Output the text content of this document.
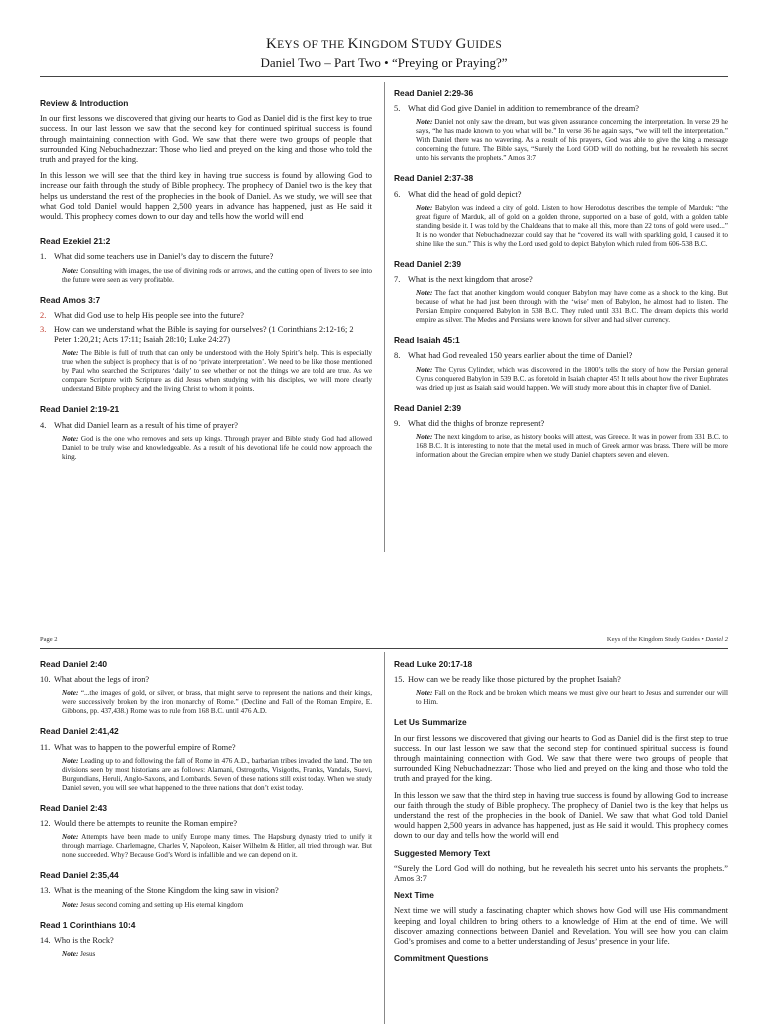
KEYS OF THE KINGDOM STUDY GUIDES
Daniel Two – Part Two • “Preying or Praying?”
Review & Introduction

In our first lessons we discovered that giving our hearts to God as Daniel did is the first key to true success. In our last lesson we saw that the second key for continued spiritual success is found through maintaining connection with God. We saw that there were two groups of people that surrounded King Nebuchadnezzar: Those who lied and preyed on the king and those who told the truth and prayed for the king.

In this lesson we will see that the third key in having true success is found by allowing God to increase our faith through the study of Bible prophecy. The prophecy of Daniel two is the key that helps us understand the rest of the prophecies in the book of Daniel. As we study, we will see that what God told Daniel would happen 2,500 years in advance has happened, just as He said it would. This prophecy comes down to our day and tells how the world will end

Read Ezekiel 21:2
1. What did some teachers use in Daniel’s day to discern the future?
Note: Consulting with images, the use of divining rods or arrows, and the cutting open of livers to see into the future were seen as very profitable.
Read Amos 3:7
2. What did God use to help His people see into the future?
3. How can we understand what the Bible is saying for ourselves? (1 Corinthians 2:12-16; 2 Peter 1:20,21; Acts 17:11; Isaiah 28:10; Luke 24:27)
Note: The Bible is full of truth that can only be understood with the Holy Spirit’s help. This is especially true when the subject is prophecy that is of no ‘private interpretation’. We need to be like those mentioned by Paul who searched the Scriptures ‘daily’ to see whether or not the things we are told are true. As we compare Scripture with Scripture as did Jesus when studying with his disciples, we will more clearly understand Bible prophecy and the living Christ to whom it points.
Read Daniel 2:19-21
4. What did Daniel learn as a result of his time of prayer?
Note: God is the one who removes and sets up kings. Through prayer and Bible study God had allowed Daniel to be truly wise and knowledgeable. As a result of his devotional life he could now approach the king.
Read Daniel 2:29-36
5. What did God give Daniel in addition to remembrance of the dream?
Note: Daniel not only saw the dream, but was given assurance concerning the interpretation. In verse 29 he says, “he has made known to you what will be.” In verse 36 he again says, “we will tell the interpretation.” With Daniel there was no wavering. As a result of his prayers, God was able to give the king a message concerning the future. The Bible says, “Surely the Lord GOD will do nothing, but he revealeth his secret unto his servants the prophets.” Amos 3:7
Read Daniel 2:37-38
6. What did the head of gold depict?
Note: Babylon was indeed a city of gold. Listen to how Herodotus describes the temple of Marduk: “the great figure of Marduk, all of gold on a golden throne, supported on a base of gold, with a golden table standing beside it. I was told by the Chaldeans that to make all this, more than 22 tons of gold were used...” It is no wonder that Nebuchadnezzar could say that he “covered its wall with sparkling gold, I caused it to shine like the sun.” This is why the Lord used gold to depict Babylon which ruled from 606-538 B.C.
Read Daniel 2:39
7. What is the next kingdom that arose?
Note: The fact that another kingdom would conquer Babylon may have come as a shock to the king. But because of what he had just been through with the ‘wise’ men of Babylon, he almost had to listen. The Persian Empire conquered Babylon in 538 B.C. They ruled until 331 B.C. The dream depicts this world empire as silver. The Medes and Persians were known for silver and had silver currency.
Read Isaiah 45:1
8. What had God revealed 150 years earlier about the time of Daniel?
Note: The Cyrus Cylinder, which was discovered in the 1800’s tells the story of how the Persian general Cyrus conquered Babylon in 539 B.C. as foretold in Isaiah chapter 45! It tells about how the river Euphrates was dried up just as Isaiah said would happen. We will study more about this in chapter five of Daniel.
Read Daniel 2:39
9. What did the thighs of bronze represent?
Note: The next kingdom to arise, as history books will attest, was Greece. It was in power from 331 B.C. to 168 B.C. It is interesting to note that the metal used in much of Greek armor was brass. There will be more information about the Grecian empire when we study Daniel chapters seven and eleven.
Page 2	Keys of the Kingdom Study Guides • Daniel 2
Read Daniel 2:40
10. What about the legs of iron?
Note: “...the images of gold, or silver, or brass, that might serve to represent the nations and their kings, were successively broken by the iron monarchy of Rome.” (Decline and Fall of the Roman Empire, E. Gibbons, pp. 437,438.) Rome was to rule from 168 B.C. until 476 A.D.
Read Daniel 2:41,42
11. What was to happen to the powerful empire of Rome?
Note: Leading up to and following the fall of Rome in 476 A.D., barbarian tribes invaded the land. The ten divisions seen by most historians are as follows: Alamani, Ostrogoths, Visigoths, Franks, Vandals, Suevi, Burgundians, Heruli, Anglo-Saxons, and Lombards. Seven of these nations still exist today. When we study Daniel seven, you will see what happened to the three nations that don’t exist today.
Read Daniel 2:43
12. Would there be attempts to reunite the Roman empire?
Note: Attempts have been made to unify Europe many times. The Hapsburg dynasty tried to unify it through marriage. Charlemagne, Charles V, Napoleon, Kaiser Wilhelm & Hitler, all tried through war. But none succeeded. Why? Because God’s Word is infallible and we can depend on it.
Read Daniel 2:35,44
13. What is the meaning of the Stone Kingdom the king saw in vision?
Note: Jesus second coming and setting up His eternal kingdom
Read 1 Corinthians 10:4
14. Who is the Rock?
Note: Jesus
Read Luke 20:17-18
15. How can we be ready like those pictured by the prophet Isaiah?
Note: Fall on the Rock and be broken which means we must give our heart to Jesus and surrender our will to Him.
Let Us Summarize

In our first lessons we discovered that giving our hearts to God as Daniel did is the first step to true success. In our last lesson we saw that the second step for continued spiritual success is found through maintaining connection with God. We saw that there were two groups of people that surrounded King Nebuchadnezzar: Those who lied and preyed on the king and those who told the truth and prayed for the king.

In this lesson we saw that the third step in having true success is found by allowing God to increase our faith through the study of Bible prophecy. The prophecy of Daniel two is the key that helps us understand the rest of the prophecies in the book of Daniel. We saw that what God told Daniel would happen 2,500 years in advance has happened, just as He said it would. This prophecy comes down to our day and tells how the world will end

Suggested Memory Text

“Surely the Lord God will do nothing, but he revealeth his secret unto his servants the prophets.” Amos 3:7

Next Time

Next time we will study a fascinating chapter which shows how God will use His commandment keeping and loyal children to bring others to a knowledge of Him at the end of time. We will discover amazing connections between Daniel and Revelation. You will see how you can claim God’s promises and come to a better understanding of Jesus’ presence in your life.

Commitment Questions
